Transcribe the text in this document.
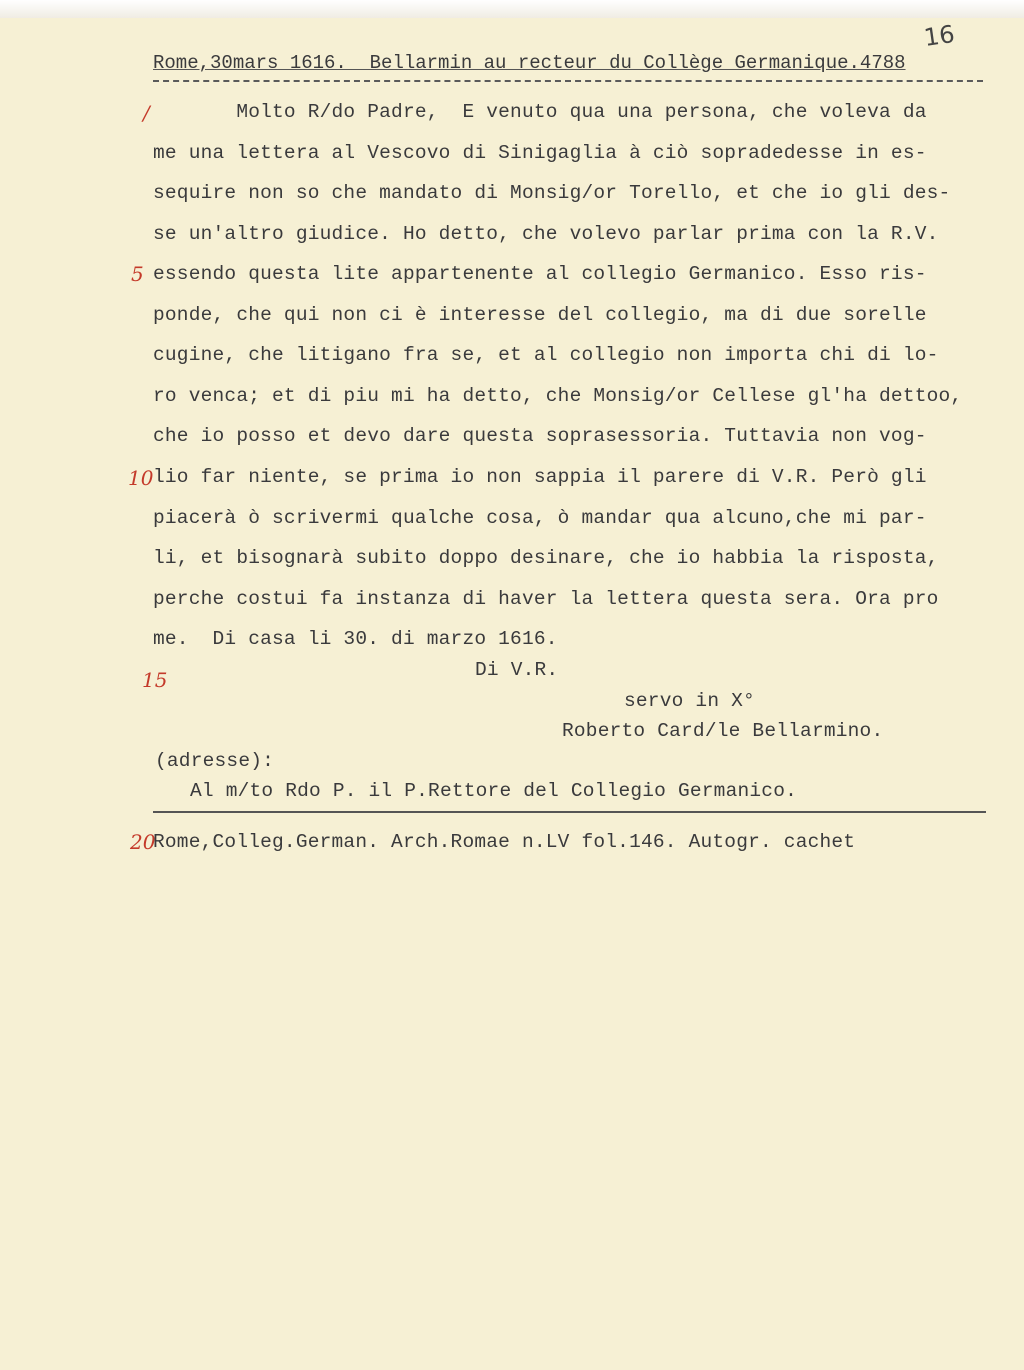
16
Rome,30mars 1616.  Bellarmin au recteur du Collège Germanique.4788
Molto R/do Padre,  E venuto qua una persona, che voleva da
me una lettera al Vescovo di Sinigaglia à ciò sopradedesse in es-
sequire non so che mandato di Monsig/or Torello, et che io gli des-
se un'altro giudice. Ho detto, che volevo parlar prima con la R.V.
essendo questa lite appartenente al collegio Germanico. Esso ris-
ponde, che qui non ci è interesse del collegio, ma di due sorelle
cugine, che litigano fra se, et al collegio non importa chi di lo-
ro venca; et di piu mi ha detto, che Monsig/or Cellese gl'ha dettoo,
che io posso et devo dare questa soprasessoria. Tuttavia non vog-
lio far niente, se prima io non sappia il parere di V.R. Però gli
piacerà ò scrivermi qualche cosa, ò mandar qua alcuno,che mi par-
li, et bisognarà subito doppo desinare, che io habbia la risposta,
perche costui fa instanza di haver la lettera questa sera. Ora pro
me.  Di casa li 30. di marzo 1616.
Di V.R.
servo in X°
Roberto Card/le Bellarmino.
(adresse):
Al m/to Rdo P. il P.Rettore del Collegio Germanico.
Rome,Colleg.German. Arch.Romae n.LV fol.146. Autogr. cachet
/
5
10
15
20
